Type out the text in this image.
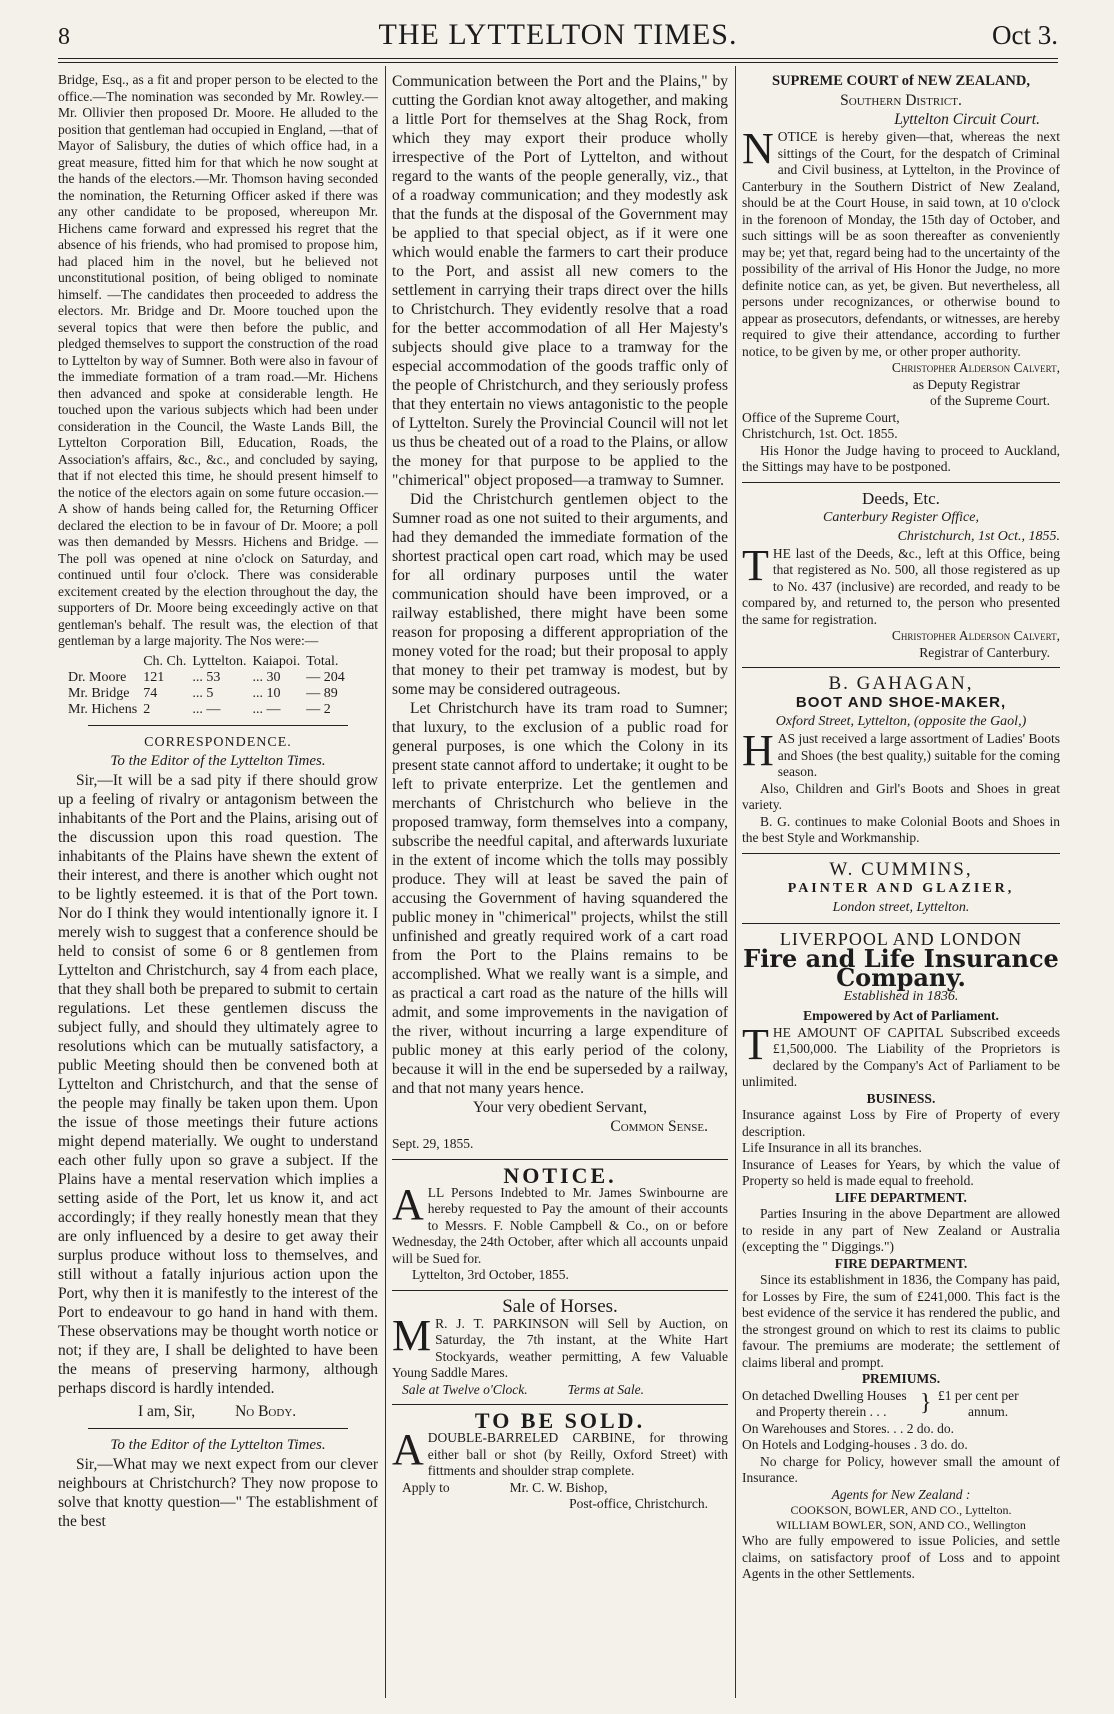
8	THE LYTTELTON TIMES.	Oct 3.

Bridge, Esq., as a fit and proper person to be elected to the office.—The nomination was seconded by Mr. Rowley.—Mr. Ollivier then proposed Dr. Moore. He alluded to the position that gentleman had occupied in England, —that of Mayor of Salisbury, the duties of which office had, in a great measure, fitted him for that which he now sought at the hands of the electors.—Mr. Thomson having seconded the nomination, the Returning Officer asked if there was any other candidate to be proposed, whereupon Mr. Hichens came forward and expressed his regret that the absence of his friends, who had promised to propose him, had placed him in the novel, but he believed not unconstitutional position, of being obliged to nominate himself. —The candidates then proceeded to address the electors. Mr. Bridge and Dr. Moore touched upon the several topics that were then before the public, and pledged themselves to support the construction of the road to Lyttelton by way of Sumner. Both were also in favour of the immediate formation of a tram road.—Mr. Hichens then advanced and spoke at considerable length. He touched upon the various subjects which had been under consideration in the Council, the Waste Lands Bill, the Lyttelton Corporation Bill, Education, Roads, the Association's affairs, &c., &c., and concluded by saying, that if not elected this time, he should present himself to the notice of the electors again on some future occasion.—A show of hands being called for, the Returning Officer declared the election to be in favour of Dr. Moore; a poll was then demanded by Messrs. Hichens and Bridge. —The poll was opened at nine o'clock on Saturday, and continued until four o'clock. There was considerable excitement created by the election throughout the day, the supporters of Dr. Moore being exceedingly active on that gentleman's behalf. The result was, the election of that gentleman by a large majority. The Nos were:—

	Ch. Ch.	Lyttelton.	Kaiapoi.	Total.
Dr. Moore	121	... 53	... 30	— 204
Mr. Bridge	74	... 5	... 10	— 89
Mr. Hichens	2	... —	... —	— 2

CORRESPONDENCE.

To the Editor of the Lyttelton Times.

Sir,—It will be a sad pity if there should grow up a feeling of rivalry or antagonism between the inhabitants of the Port and the Plains, arising out of the discussion upon this road question. The inhabitants of the Plains have shewn the extent of their interest, and there is another which ought not to be lightly esteemed. it is that of the Port town. Nor do I think they would intentionally ignore it. I merely wish to suggest that a conference should be held to consist of some 6 or 8 gentlemen from Lyttelton and Christchurch, say 4 from each place, that they shall both be prepared to submit to certain regulations. Let these gentlemen discuss the subject fully, and should they ultimately agree to resolutions which can be mutually satisfactory, a public Meeting should then be convened both at Lyttelton and Christchurch, and that the sense of the people may finally be taken upon them. Upon the issue of those meetings their future actions might depend materially. We ought to understand each other fully upon so grave a subject. If the Plains have a mental reservation which implies a setting aside of the Port, let us know it, and act accordingly; if they really honestly mean that they are only influenced by a desire to get away their surplus produce without loss to themselves, and still without a fatally injurious action upon the Port, why then it is manifestly to the interest of the Port to endeavour to go hand in hand with them. These observations may be thought worth notice or not; if they are, I shall be delighted to have been the means of preserving harmony, although perhaps discord is hardly intended.

I am, Sir,	No Body.

To the Editor of the Lyttelton Times.

Sir,—What may we next expect from our clever neighbours at Christchurch? They now propose to solve that knotty question—" The establishment of the best

Communication between the Port and the Plains," by cutting the Gordian knot away altogether, and making a little Port for themselves at the Shag Rock, from which they may export their produce wholly irrespective of the Port of Lyttelton, and without regard to the wants of the people generally, viz., that of a roadway communication; and they modestly ask that the funds at the disposal of the Government may be applied to that special object, as if it were one which would enable the farmers to cart their produce to the Port, and assist all new comers to the settlement in carrying their traps direct over the hills to Christchurch. They evidently resolve that a road for the better accommodation of all Her Majesty's subjects should give place to a tramway for the especial accommodation of the goods traffic only of the people of Christchurch, and they seriously profess that they entertain no views antagonistic to the people of Lyttelton. Surely the Provincial Council will not let us thus be cheated out of a road to the Plains, or allow the money for that purpose to be applied to the "chimerical" object proposed—a tramway to Sumner.

Did the Christchurch gentlemen object to the Sumner road as one not suited to their arguments, and had they demanded the immediate formation of the shortest practical open cart road, which may be used for all ordinary purposes until the water communication should have been improved, or a railway established, there might have been some reason for proposing a different appropriation of the money voted for the road; but their proposal to apply that money to their pet tramway is modest, but by some may be considered outrageous.

Let Christchurch have its tram road to Sumner; that luxury, to the exclusion of a public road for general purposes, is one which the Colony in its present state cannot afford to undertake; it ought to be left to private enterprize. Let the gentlemen and merchants of Christchurch who believe in the proposed tramway, form themselves into a company, subscribe the needful capital, and afterwards luxuriate in the extent of income which the tolls may possibly produce. They will at least be saved the pain of accusing the Government of having squandered the public money in "chimerical" projects, whilst the still unfinished and greatly required work of a cart road from the Port to the Plains remains to be accomplished. What we really want is a simple, and as practical a cart road as the nature of the hills will admit, and some improvements in the navigation of the river, without incurring a large expenditure of public money at this early period of the colony, because it will in the end be superseded by a railway, and that not many years hence.

Your very obedient Servant,

Common Sense.

Sept. 29, 1855.

NOTICE.

ALL Persons Indebted to Mr. James Swinbourne are hereby requested to Pay the amount of their accounts to Messrs. F. Noble Campbell & Co., on or before Wednesday, the 24th October, after which all accounts unpaid will be Sued for.

Lyttelton, 3rd October, 1855.

Sale of Horses.

M R. J. T. PARKINSON will Sell by Auction, on Saturday, the 7th instant, at the White Hart Stockyards, weather permitting, A few Valuable Young Saddle Mares.

Sale at Twelve o'Clock.	Terms at Sale.

TO BE SOLD.

ADOUBLE-BARRELED CARBINE, for throwing either ball or shot (by Reilly, Oxford Street) with fittments and shoulder strap complete.

Apply to	Mr. C. W. Bishop,

Post-office, Christchurch.

SUPREME COURT of NEW ZEALAND,

Southern District.

Lyttelton Circuit Court.

NOTICE is hereby given—that, whereas the next sittings of the Court, for the despatch of Criminal and Civil business, at Lyttelton, in the Province of Canterbury in the Southern District of New Zealand, should be at the Court House, in said town, at 10 o'clock in the forenoon of Monday, the 15th day of October, and such sittings will be as soon thereafter as conveniently may be; yet that, regard being had to the uncertainty of the possibility of the arrival of His Honor the Judge, no more definite notice can, as yet, be given. But nevertheless, all persons under recognizances, or otherwise bound to appear as prosecutors, defendants, or witnesses, are hereby required to give their attendance, according to further notice, to be given by me, or other proper authority.

Christopher Alderson Calvert,

as Deputy Registrar

of the Supreme Court.

Office of the Supreme Court,

Christchurch, 1st. Oct. 1855.

His Honor the Judge having to proceed to Auckland, the Sittings may have to be postponed.

Deeds, Etc.

Canterbury Register Office,

Christchurch, 1st Oct., 1855.

THE last of the Deeds, &c., left at this Office, being that registered as No. 500, all those registered as up to No. 437 (inclusive) are recorded, and ready to be compared by, and returned to, the person who presented the same for registration.

Christopher Alderson Calvert,

Registrar of Canterbury.

B. GAHAGAN,

BOOT AND SHOE-MAKER,

Oxford Street, Lyttelton, (opposite the Gaol,)

HAS just received a large assortment of Ladies' Boots and Shoes (the best quality,) suitable for the coming season.

Also, Children and Girl's Boots and Shoes in great variety.

B. G. continues to make Colonial Boots and Shoes in the best Style and Workmanship.

W. CUMMINS,

PAINTER AND GLAZIER,

London street, Lyttelton.

LIVERPOOL AND LONDON

Fire and Life Insurance Company.

Established in 1836.

Empowered by Act of Parliament.

THE AMOUNT OF CAPITAL Subscribed exceeds £1,500,000. The Liability of the Proprietors is declared by the Company's Act of Parliament to be unlimited.

BUSINESS.

Insurance against Loss by Fire of Property of every description.

Life Insurance in all its branches.

Insurance of Leases for Years, by which the value of Property so held is made equal to freehold.

LIFE DEPARTMENT.

Parties Insuring in the above Department are allowed to reside in any part of New Zealand or Australia (excepting the " Diggings.")

FIRE DEPARTMENT.

Since its establishment in 1836, the Company has paid, for Losses by Fire, the sum of £241,000. This fact is the best evidence of the service it has rendered the public, and the strongest ground on which to rest its claims to public favour. The premiums are moderate; the settlement of claims liberal and prompt.

PREMIUMS.

On detached Dwelling Houses
and Property therein . . . } £1 per cent per
annum.

On Warehouses and Stores. . . 2 do. do.

On Hotels and Lodging-houses . 3 do. do.

No charge for Policy, however small the amount of Insurance.

Agents for New Zealand :

COOKSON, BOWLER, AND CO., Lyttelton.

WILLIAM BOWLER, SON, AND CO., Wellington

Who are fully empowered to issue Policies, and settle claims, on satisfactory proof of Loss and to appoint Agents in the other Settlements.
